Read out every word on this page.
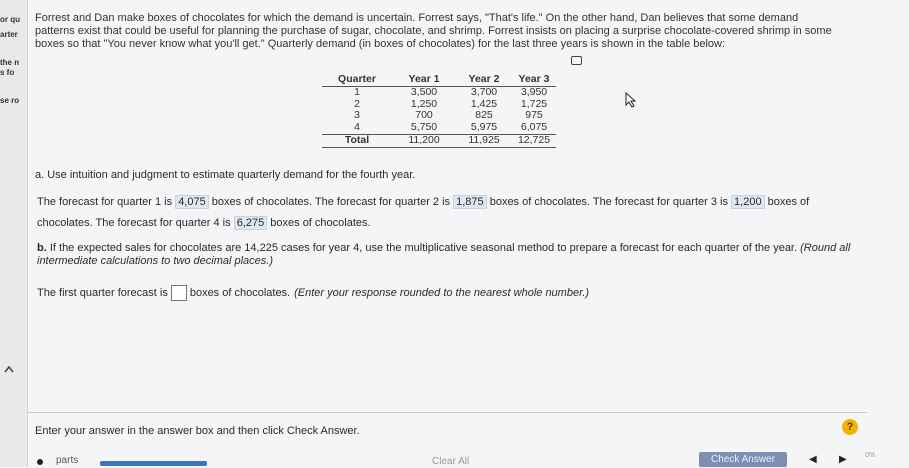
or qu
arter
the n
s fo
se ro
Forrest and Dan make boxes of chocolates for which the demand is uncertain. Forrest says, "That's life." On the other hand, Dan believes that some demand patterns exist that could be useful for planning the purchase of sugar, chocolate, and shrimp. Forrest insists on placing a surprise chocolate-covered shrimp in some boxes so that "You never know what you'll get." Quarterly demand (in boxes of chocolates) for the last three years is shown in the table below:
Quarter	Year 1	Year 2	Year 3
1	3,500	3,700	3,950
2	1,250	1,425	1,725
3	700	825	975
4	5,750	5,975	6,075
Total	11,200	11,925	12,725
a. Use intuition and judgment to estimate quarterly demand for the fourth year.
The forecast for quarter 1 is 4,075 boxes of chocolates. The forecast for quarter 2 is 1,875 boxes of chocolates. The forecast for quarter 3 is 1,200 boxes of
chocolates. The forecast for quarter 4 is 6,275 boxes of chocolates.
b. If the expected sales for chocolates are 14,225 cases for year 4, use the multiplicative seasonal method to prepare a forecast for each quarter of the year. (Round all intermediate calculations to two decimal places.)
The first quarter forecast is boxes of chocolates. (Enter your response rounded to the nearest whole number.)
Enter your answer in the answer box and then click Check Answer.	?
parts	Clear All	Check Answer	◀ ▶	0%
